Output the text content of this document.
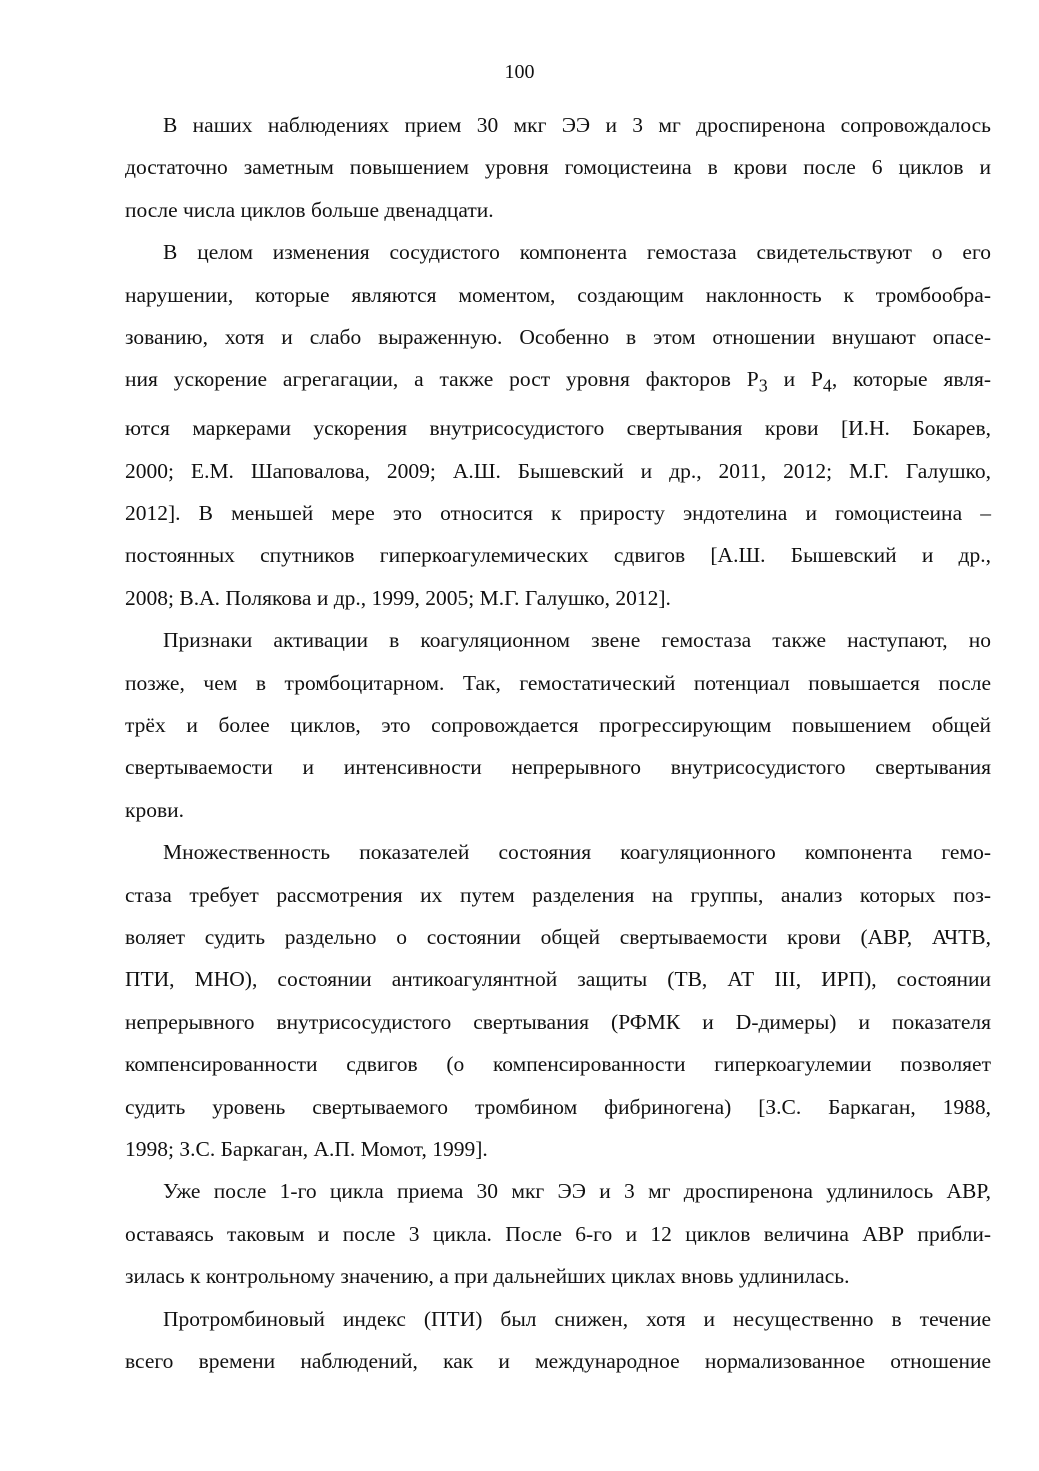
100

В наших наблюдениях прием 30 мкг ЭЭ и 3 мг дроспиренона сопровождалось
достаточно заметным повышением уровня гомоцистеина в крови после 6 циклов и
после числа циклов больше двенадцати.

В целом изменения сосудистого компонента гемостаза свидетельствуют о его
нарушении, которые являются моментом, создающим наклонность к тромбообра-
зованию, хотя и слабо выраженную. Особенно в этом отношении внушают опасе-
ния ускорение агрегагации, а также рост уровня факторов $Р_3$ и $Р_4$, которые явля-
ются маркерами ускорения внутрисосудистого свертывания крови [И.Н. Бокарев,
2000; Е.М. Шаповалова, 2009; А.Ш. Бышевский и др., 2011, 2012; М.Г. Галушко,
2012]. В меньшей мере это относится к приросту эндотелина и гомоцистеина –
постоянных спутников гиперкоагулемических сдвигов [А.Ш. Бышевский и др.,
2008; В.А. Полякова и др., 1999, 2005; М.Г. Галушко, 2012].

Признаки активации в коагуляционном звене гемостаза также наступают, но
позже, чем в тромбоцитарном. Так, гемостатический потенциал повышается после
трёх и более циклов, это сопровождается прогрессирующим повышением общей
свертываемости и интенсивности непрерывного внутрисосудистого свертывания
крови.

Множественность показателей состояния коагуляционного компонента гемо-
стаза требует рассмотрения их путем разделения на группы, анализ которых поз-
воляет судить раздельно о состоянии общей свертываемости крови (АВР, АЧТВ,
ПТИ, МНО), состоянии антикоагулянтной защиты (ТВ, АТ III, ИРП), состоянии
непрерывного внутрисосудистого свертывания (РФМК и D-димеры) и показателя
компенсированности сдвигов (о компенсированности гиперкоагулемии позволяет
судить уровень свертываемого тромбином фибриногена) [З.С. Баркаган, 1988,
1998; З.С. Баркаган, А.П. Момот, 1999].

Уже после 1-го цикла приема 30 мкг ЭЭ и 3 мг дроспиренона удлинилось АВР,
оставаясь таковым и после 3 цикла. После 6-го и 12 циклов величина АВР прибли-
зилась к контрольному значению, а при дальнейших циклах вновь удлинилась.

Протромбиновый индекс (ПТИ) был снижен, хотя и несущественно в течение
всего времени наблюдений, как и международное нормализованное отношение
